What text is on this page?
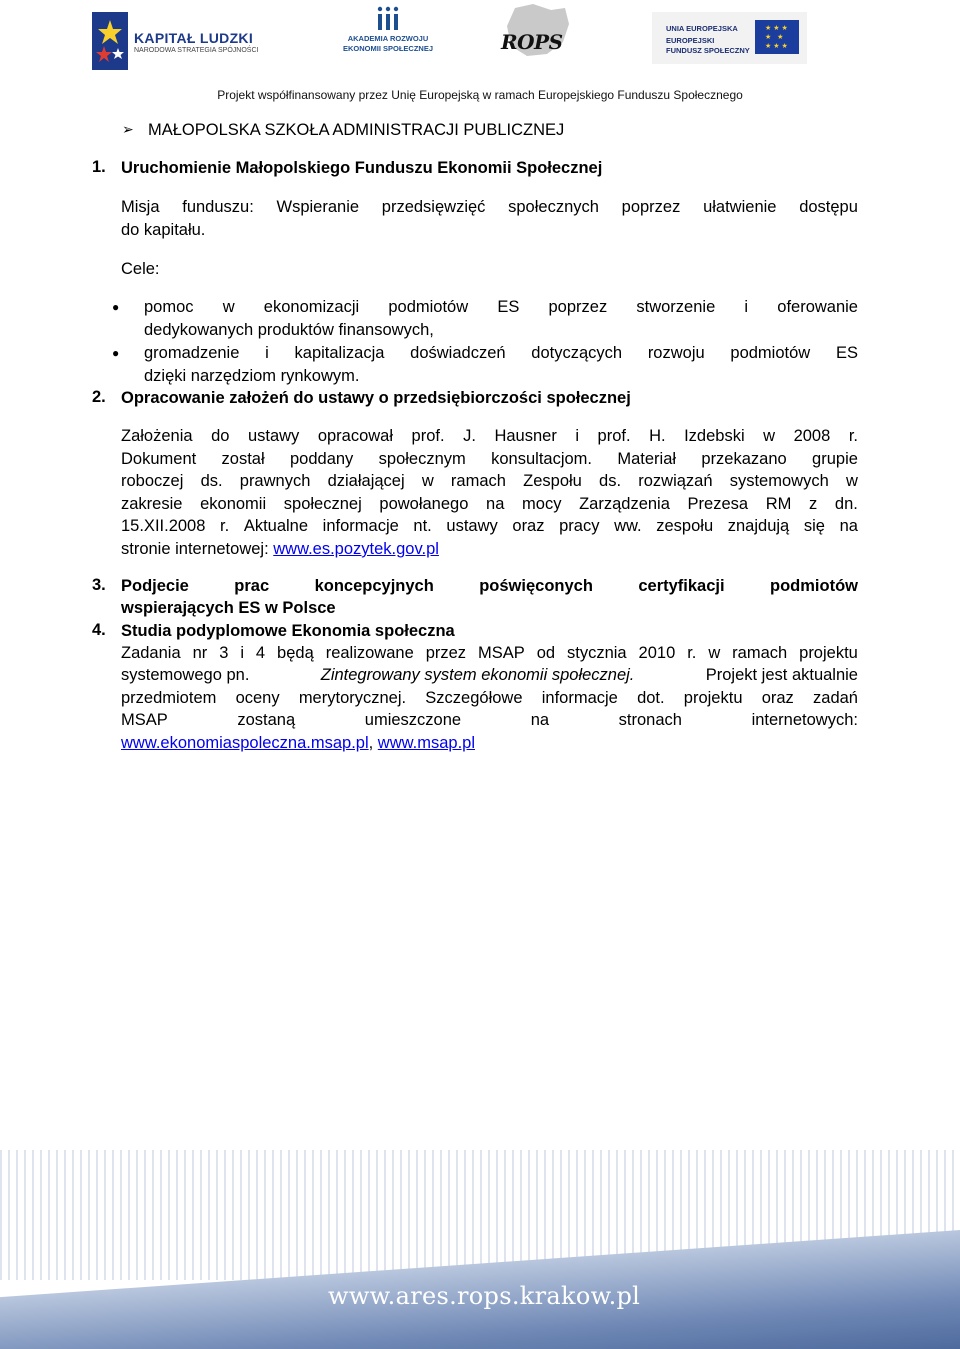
KAPITAŁ LUDZKI
NARODOWA STRATEGIA SPÓJNOŚCI
AKADEMIA ROZWOJU
EKONOMII SPOŁECZNEJ	ROPS
UNIA EUROPEJSKA
EUROPEJSKI
FUNDUSZ SPOŁECZNY
★ ★ ★ ★ ★ ★ ★ ★
Projekt współfinansowany przez Unię Europejską w ramach Europejskiego Funduszu Społecznego
➢ MAŁOPOLSKA SZKOŁA ADMINISTRACJI PUBLICZNEJ
1. Uruchomienie Małopolskiego Funduszu Ekonomii Społecznej
Misja funduszu: Wspieranie przedsięwzięć społecznych poprzez ułatwienie dostępu
do kapitału.
Cele:
● pomoc w ekonomizacji podmiotów ES poprzez stworzenie i oferowanie
dedykowanych produktów finansowych,
● gromadzenie i kapitalizacja doświadczeń dotyczących rozwoju podmiotów ES
dzięki narzędziom rynkowym.
2. Opracowanie założeń do ustawy o przedsiębiorczości społecznej
Założenia do ustawy opracował prof. J. Hausner i prof. H. Izdebski w 2008 r.
Dokument został poddany społecznym konsultacjom. Materiał przekazano grupie
roboczej ds. prawnych działającej w ramach Zespołu ds. rozwiązań systemowych w
zakresie ekonomii społecznej powołanego na mocy Zarządzenia Prezesa RM z dn.
15.XII.2008 r. Aktualne informacje nt. ustawy oraz pracy ww. zespołu znajdują się na
stronie internetowej: www.es.pozytek.gov.pl
3. Podjecie	prac	koncepcyjnych	poświęconych	certyfikacji	podmiotów
wspierających ES w Polsce
4. Studia podyplomowe Ekonomia społeczna
Zadania nr 3 i 4 będą realizowane przez MSAP od stycznia 2010 r. w ramach projektu
systemowego pn.	Zintegrowany system ekonomii społecznej.	Projekt jest aktualnie
przedmiotem oceny merytorycznej. Szczegółowe informacje dot. projektu oraz zadań
MSAP	zostaną	umieszczone	na	stronach	internetowych:
www.ekonomiaspoleczna.msap.pl, www.msap.pl
www.ares.rops.krakow.pl
